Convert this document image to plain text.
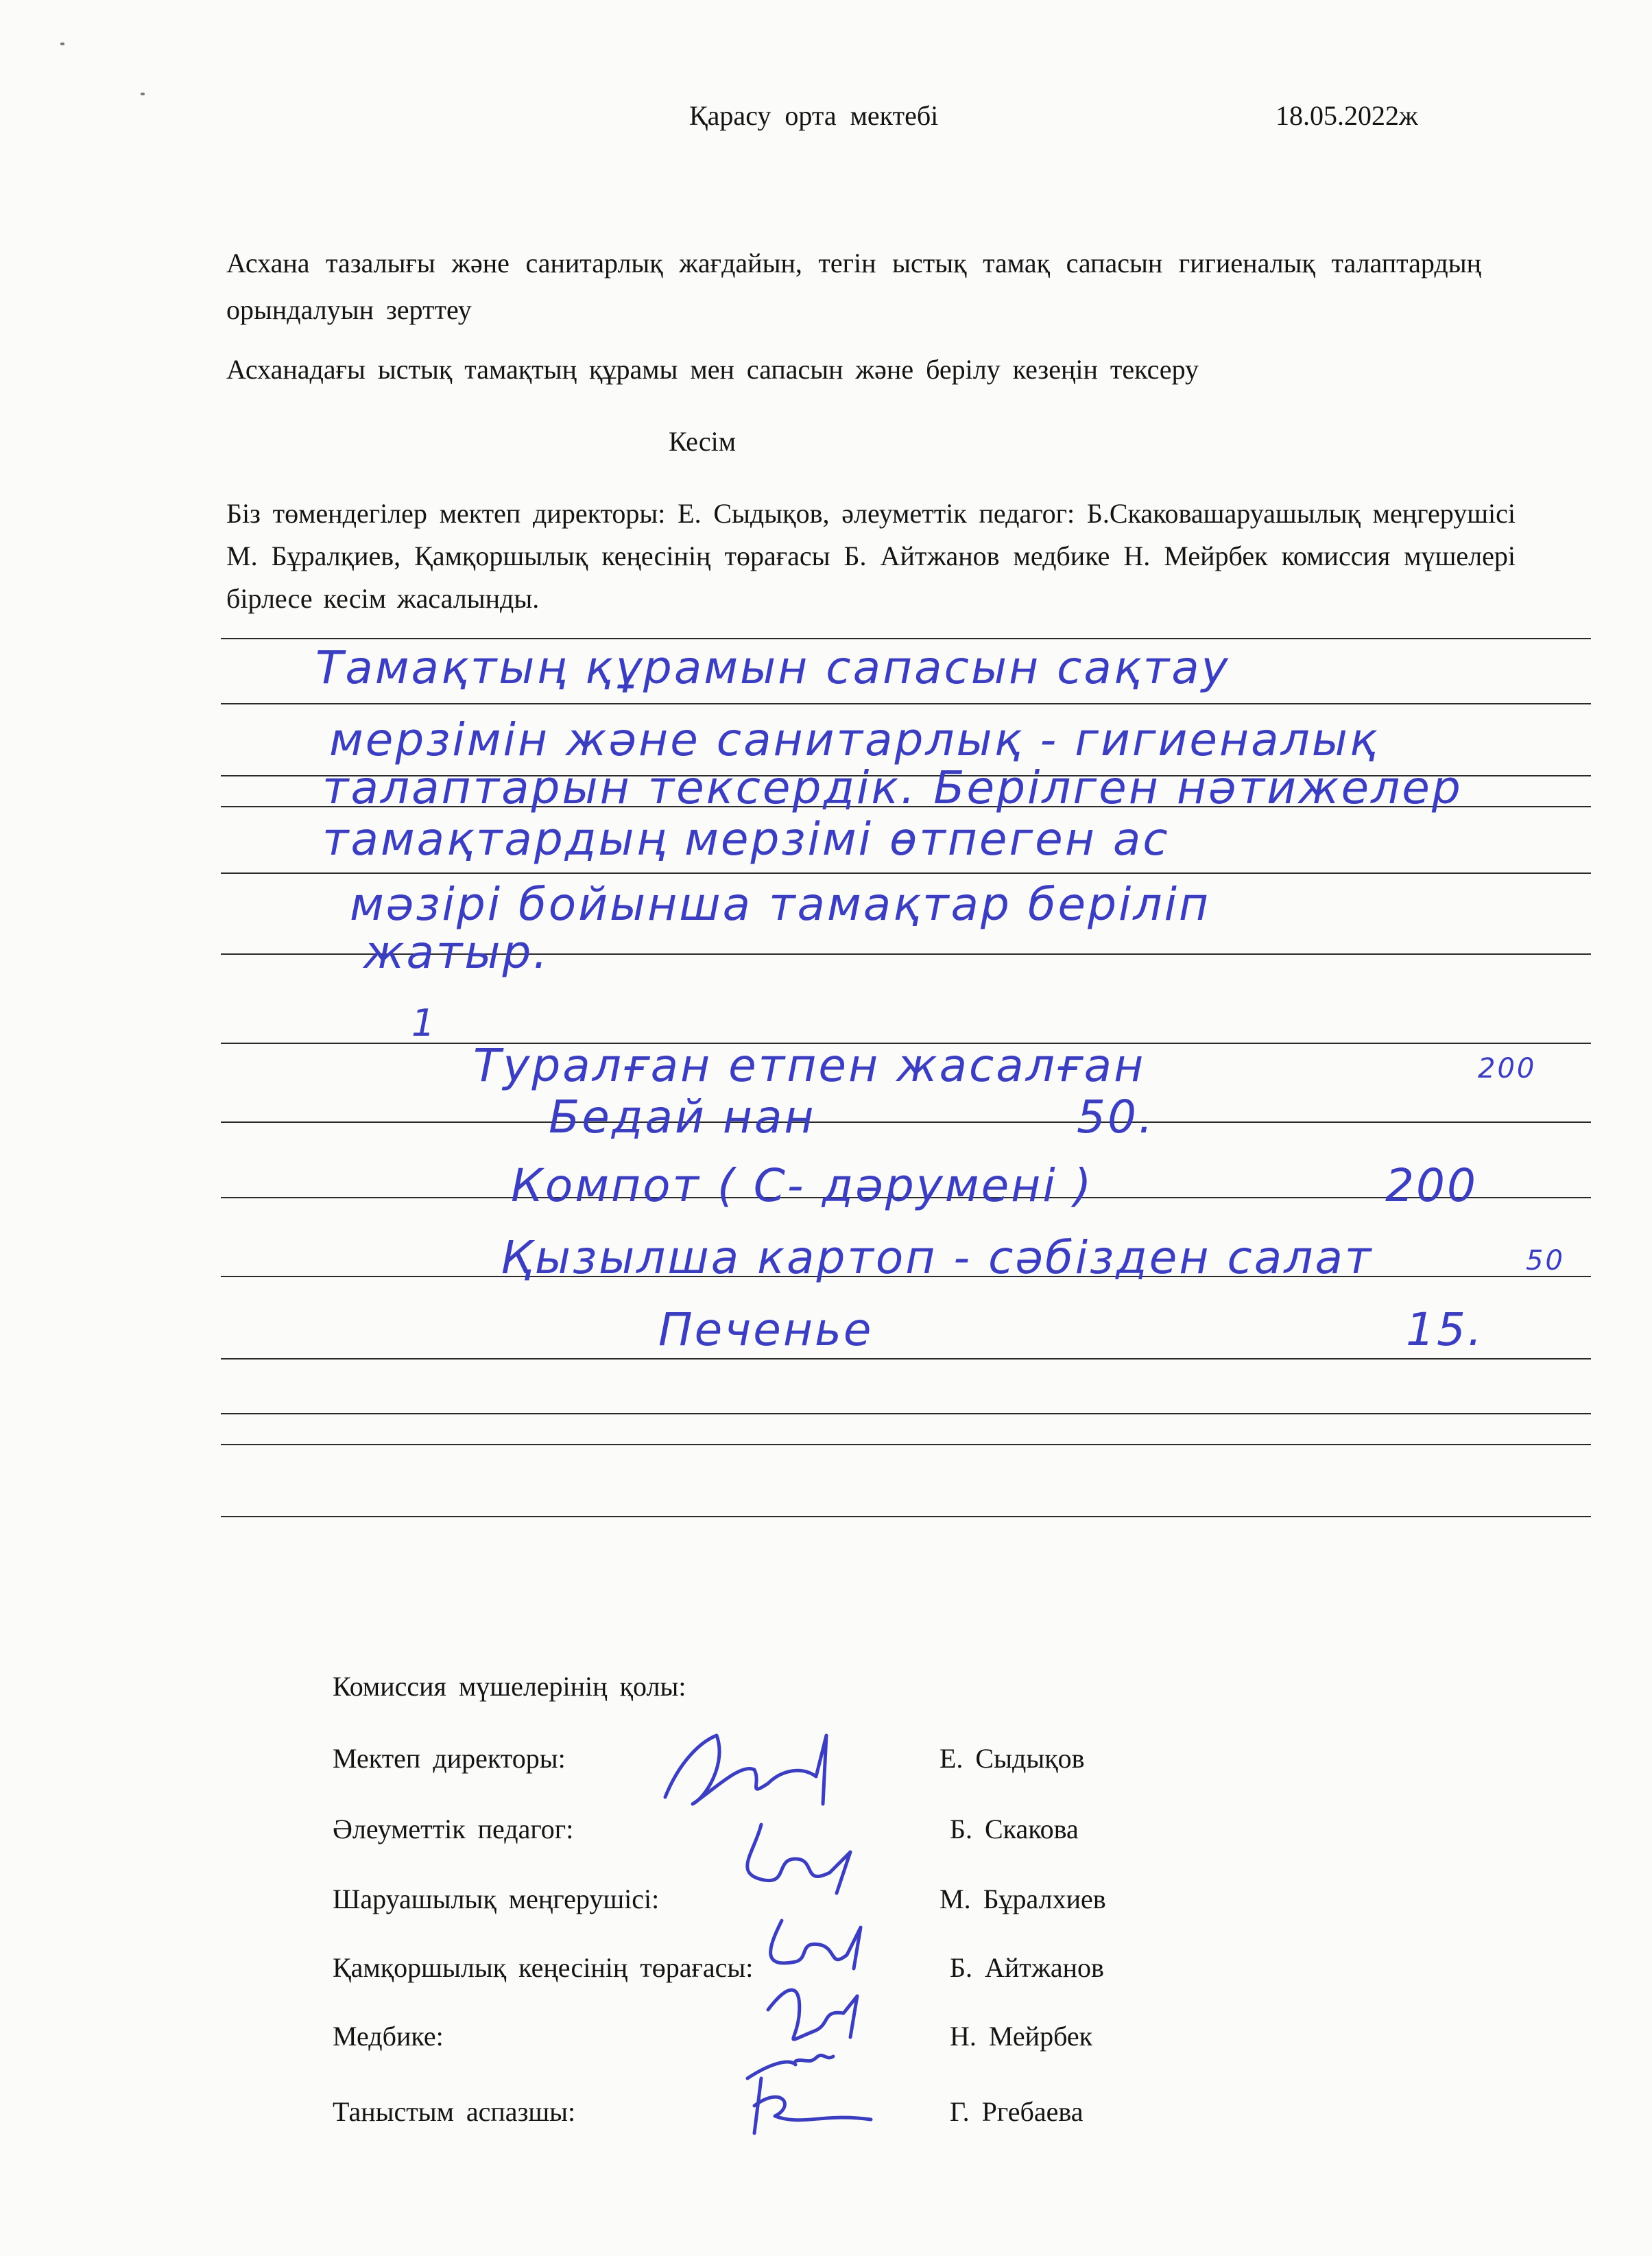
Қарасу орта мектебі	18.05.2022ж
Асхана тазалығы және санитарлық жағдайын, тегін ыстық тамақ сапасын гигиеналық талаптардың орындалуын зерттеу
Асханадағы ыстық тамақтың құрамы мен сапасын және берілу кезеңін тексеру
Кесім
Біз төмендегілер мектеп директоры: Е. Сыдықов, әлеуметтік педагог: Б.Скаковашаруашылық меңгерушісі М. Бұралқиев, Қамқоршылық кеңесінің төрағасы Б. Айтжанов медбике Н. Мейрбек комиссия мүшелері бірлесе кесім жасалынды.
Тамақтың құрамын сапасын сақтау
мерзімін және санитарлық - гигиеналық
талаптарын тексердік. Берілген нәтижелер
тамақтардың мерзімі өтпеген ас
мәзірі бойынша тамақтар беріліп
жатыр.
1
Туралған етпен жасалған	200
Бедай нан	50.
Компот ( С- дәрумені )	200
Қызылша картоп - сәбізден салат	50
Печенье	15.
Комиссия мүшелерінің қолы:
Мектеп директоры:	Е. Сыдықов
Әлеуметтік педагог:	Б. Скакова
Шаруашылық меңгерушісі:	М. Бұралхиев
Қамқоршылық кеңесінің төрағасы:	Б. Айтжанов
Медбике:	Н. Мейрбек
Таныстым аспазшы:	Г. Ргебаева
